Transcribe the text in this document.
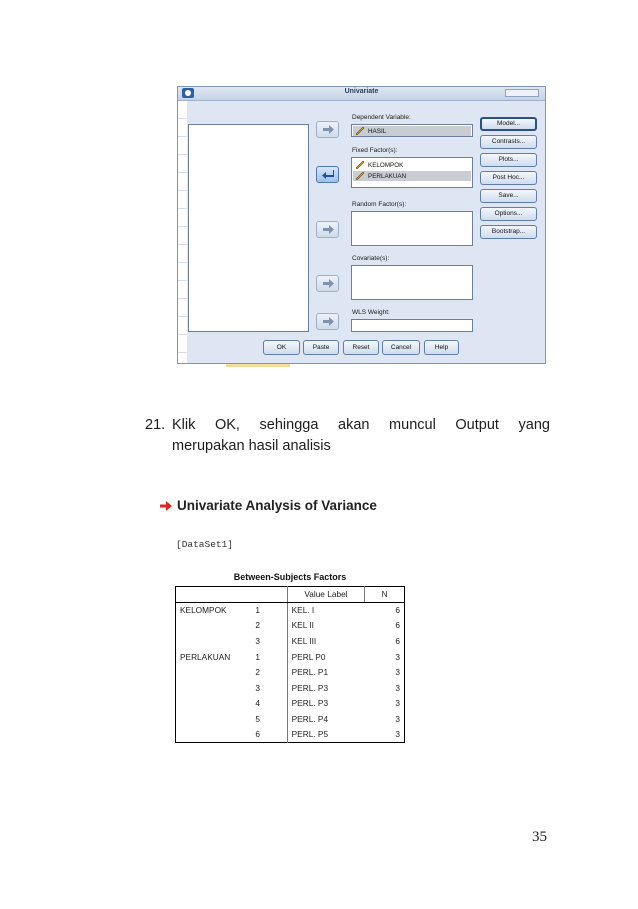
Univariate
Dependent Variable:
HASIL
Fixed Factor(s):
KELOMPOK
PERLAKUAN
Random Factor(s):
Covariate(s):
WLS Weight:
Model...
Contrasts...
Plots...
Post Hoc...
Save...
Options...
Bootstrap...
OK	Paste	Reset	Cancel	Help
21. Klik OK, sehingga akan muncul Output yang
merupakan hasil analisis
Univariate Analysis of Variance
[DataSet1]
Between-Subjects Factors
		Value Label	N
KELOMPOK	1	KEL. I	6
	2	KEL II	6
	3	KEL III	6
PERLAKUAN	1	PERL P0	3
	2	PERL. P1	3
	3	PERL. P3	3
	4	PERL. P3	3
	5	PERL. P4	3
	6	PERL. P5	3
35
